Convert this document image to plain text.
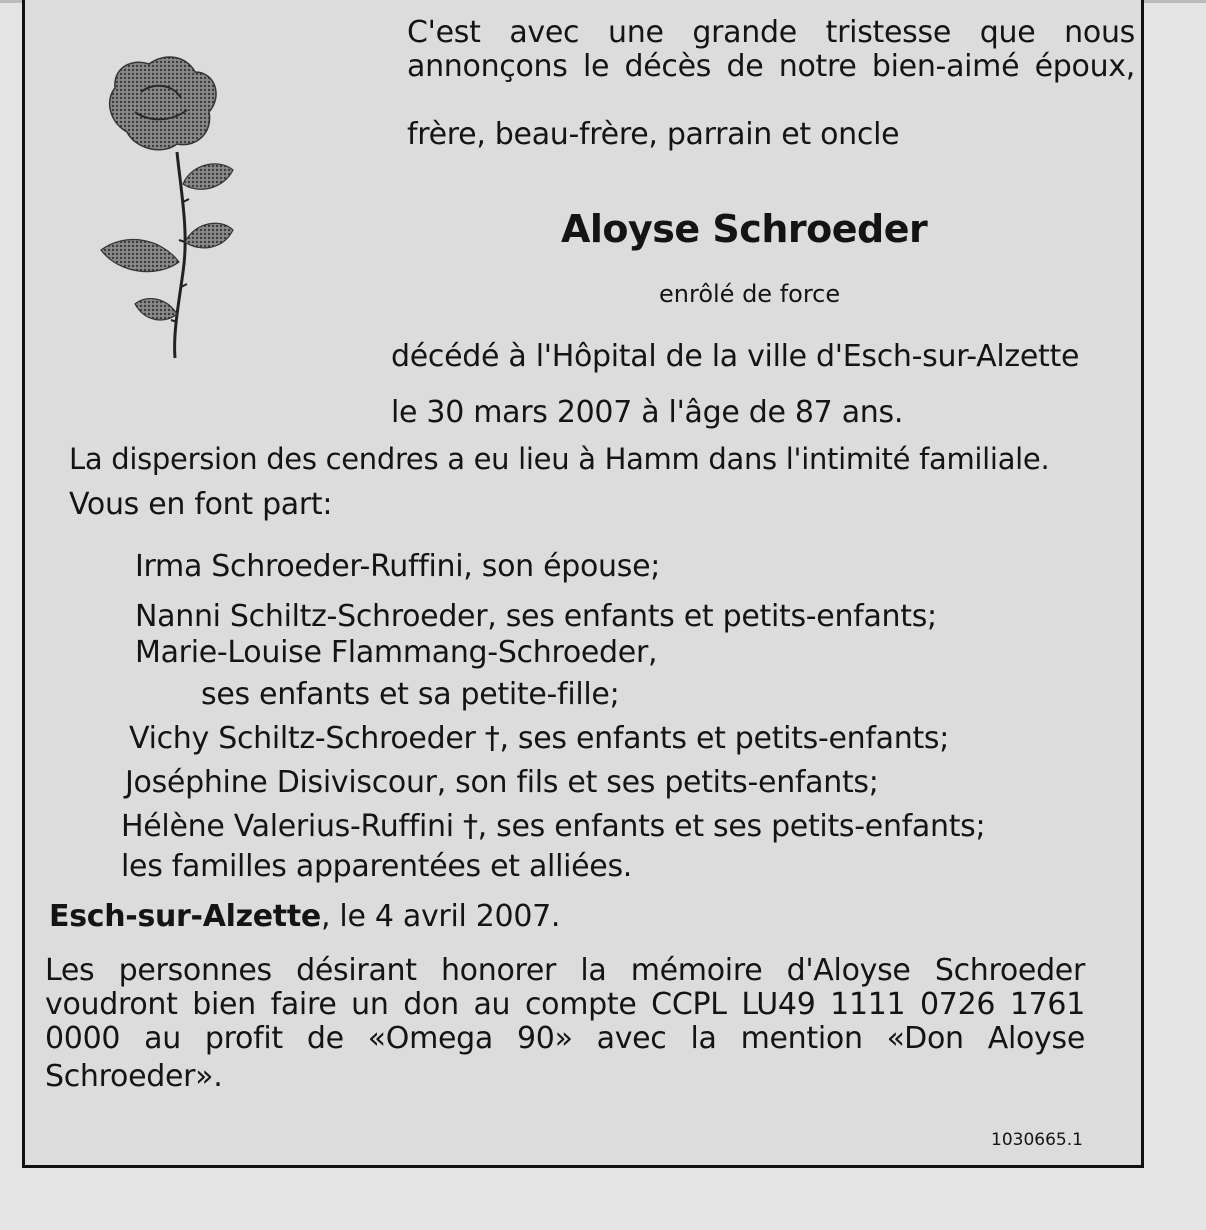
C'est avec une grande tristesse que nous
annonçons le décès de notre bien-aimé époux,
frère, beau-frère, parrain et oncle
Aloyse Schroeder
enrôlé de force
décédé à l'Hôpital de la ville d'Esch-sur-Alzette
le 30 mars 2007 à l'âge de 87 ans.
La dispersion des cendres a eu lieu à Hamm dans l'intimité familiale.
Vous en font part:
Irma Schroeder-Ruffini, son épouse;
Nanni Schiltz-Schroeder, ses enfants et petits-enfants;
Marie-Louise Flammang-Schroeder,
ses enfants et sa petite-fille;
Vichy Schiltz-Schroeder †, ses enfants et petits-enfants;
Joséphine Disiviscour, son fils et ses petits-enfants;
Hélène Valerius-Ruffini †, ses enfants et ses petits-enfants;
les familles apparentées et alliées.
Esch-sur-Alzette, le 4 avril 2007.
Les personnes désirant honorer la mémoire d'Aloyse Schroeder
voudront bien faire un don au compte CCPL LU49 1111 0726 1761
0000 au profit de «Omega 90» avec la mention «Don Aloyse
Schroeder».
1030665.1
